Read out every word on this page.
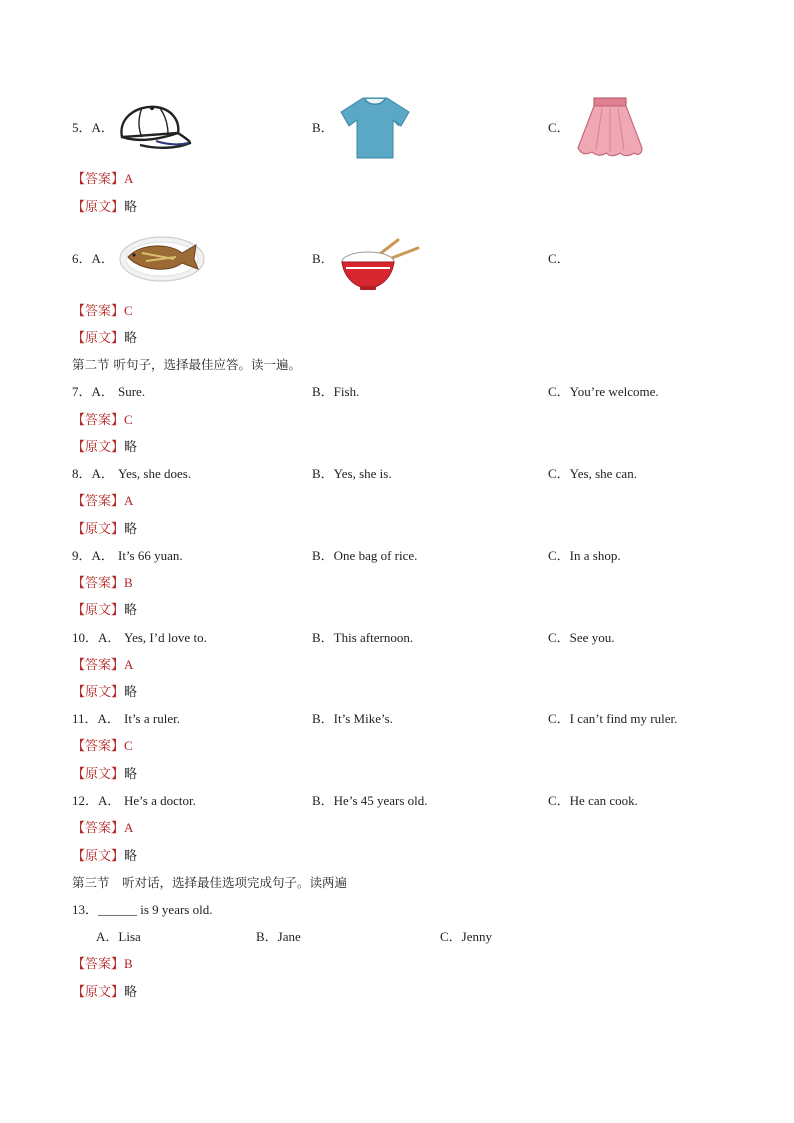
5．A．	B．	C．
【答案】A
【原文】略
6．A．	B．	C．
【答案】C
【原文】略
第二节 听句子，选择最佳应答。读一遍。
7．A． Sure.	B．Fish.	C．You’re welcome.
【答案】C
【原文】略
8．A． Yes, she does.	B．Yes, she is.	C．Yes, she can.
【答案】A
【原文】略
9．A． It’s 66 yuan.	B．One bag of rice.	C．In a shop.
【答案】B
【原文】略
10．A． Yes, I’d love to.	B．This afternoon.	C．See you.
【答案】A
【原文】略
11．A． It’s a ruler.	B．It’s Mike’s.	C．I can’t find my ruler.
【答案】C
【原文】略
12．A． He’s a doctor.	B．He’s 45 years old.	C．He can cook.
【答案】A
【原文】略
第三节　听对话，选择最佳选项完成句子。读两遍
13．______ is 9 years old.
A．Lisa	B．Jane	C．Jenny
【答案】B
【原文】略
